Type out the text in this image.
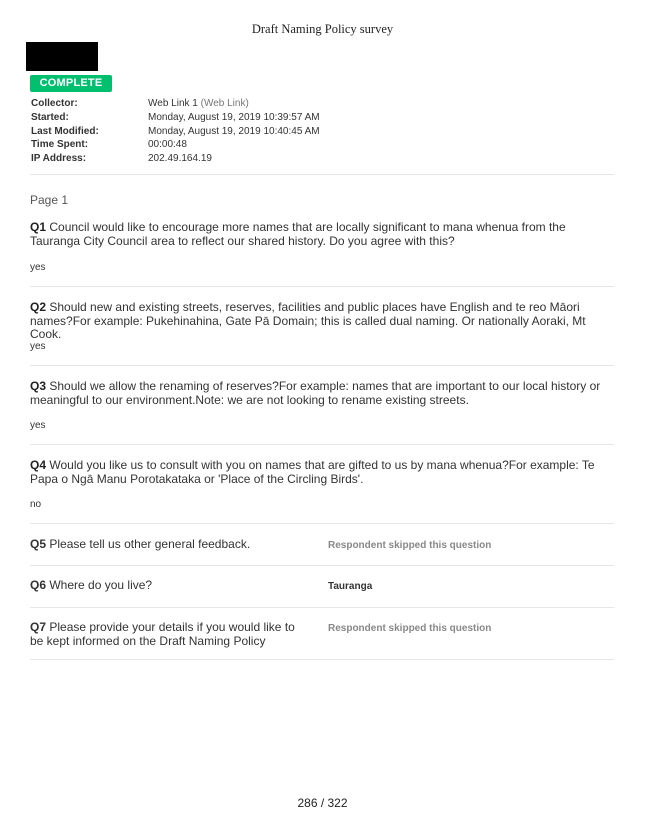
Draft Naming Policy survey
COMPLETE
Collector:	Web Link 1 (Web Link)
Started:	Monday, August 19, 2019 10:39:57 AM
Last Modified:	Monday, August 19, 2019 10:40:45 AM
Time Spent:	00:00:48
IP Address:	202.49.164.19
Page 1
Q1 Council would like to encourage more names that are locally significant to mana whenua from the Tauranga City Council area to reflect our shared history. Do you agree with this?
yes
Q2 Should new and existing streets, reserves, facilities and public places have English and te reo Māori names?For example: Pukehinahina, Gate Pā Domain; this is called dual naming. Or nationally Aoraki, Mt Cook.
yes
Q3 Should we allow the renaming of reserves?For example: names that are important to our local history or meaningful to our environment.Note: we are not looking to rename existing streets.
yes
Q4 Would you like us to consult with you on names that are gifted to us by mana whenua?For example: Te Papa o Ngā Manu Porotakataka or 'Place of the Circling Birds'.
no
Q5 Please tell us other general feedback.	Respondent skipped this question
Q6 Where do you live?	Tauranga
Q7 Please provide your details if you would like to be kept informed on the Draft Naming Policy
Respondent skipped this question
286 / 322
